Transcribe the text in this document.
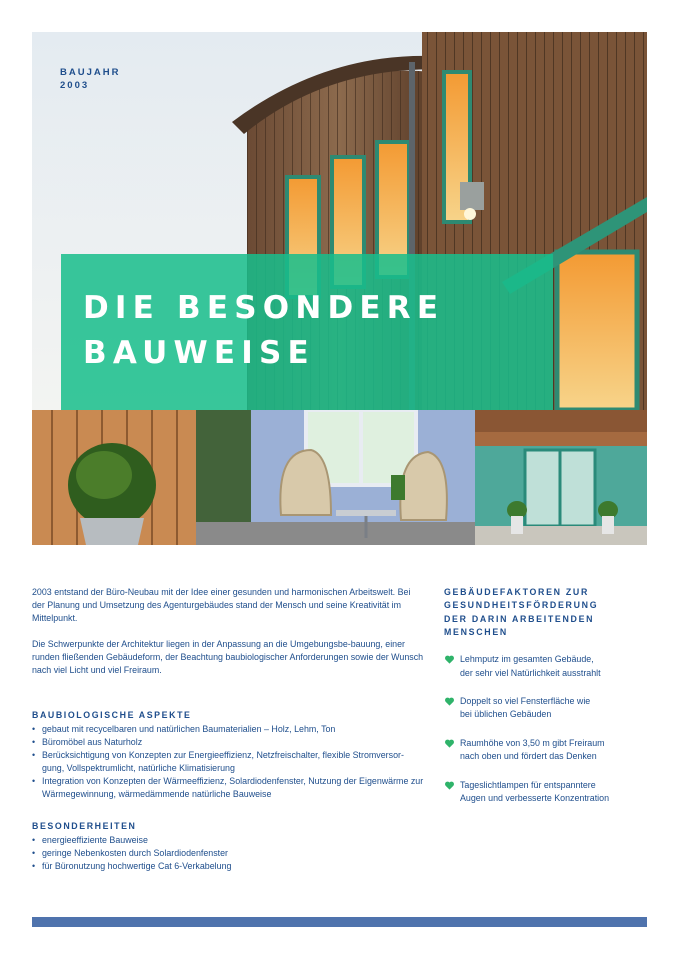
BAUJAHR
2003
DIE BESONDERE
BAUWEISE

2003 entstand der Büro-Neubau mit der Idee einer gesunden und harmonischen Arbeitswelt. Bei der Planung und Umsetzung des Agenturgebäudes stand der Mensch und seine Kreativität im Mittelpunkt.

Die Schwerpunkte der Architektur liegen in der Anpassung an die Umgebungsbe-bauung, einer runden fließenden Gebäudeform, der Beachtung baubiologischer Anforderungen sowie der Wunsch nach viel Licht und viel Freiraum.

BAUBIOLOGISCHE ASPEKTE
• gebaut mit recycelbaren und natürlichen Baumaterialien – Holz, Lehm, Ton
• Büromöbel aus Naturholz
• Berücksichtigung von Konzepten zur Energieeffizienz, Netzfreischalter, flexible Stromversor-gung, Vollspektrumlicht, natürliche Klimatisierung
• Integration von Konzepten der Wärmeeffizienz, Solardiodenfenster, Nutzung der Eigenwärme zur Wärmegewinnung, wärmedämmende natürliche Bauweise
BESONDERHEITEN
• energieeffiziente Bauweise
• geringe Nebenkosten durch Solardiodenfenster
• für Büronutzung hochwertige Cat 6-Verkabelung
GEBÄUDEFAKTOREN ZUR
GESUNDHEITSFÖRDERUNG
DER DARIN ARBEITENDEN
MENSCHEN
Lehmputz im gesamten Gebäude,
der sehr viel Natürlichkeit ausstrahlt
Doppelt so viel Fensterfläche wie
bei üblichen Gebäuden
Raumhöhe von 3,50 m gibt Freiraum
nach oben und fördert das Denken
Tageslichtlampen für entspanntere
Augen und verbesserte Konzentration
